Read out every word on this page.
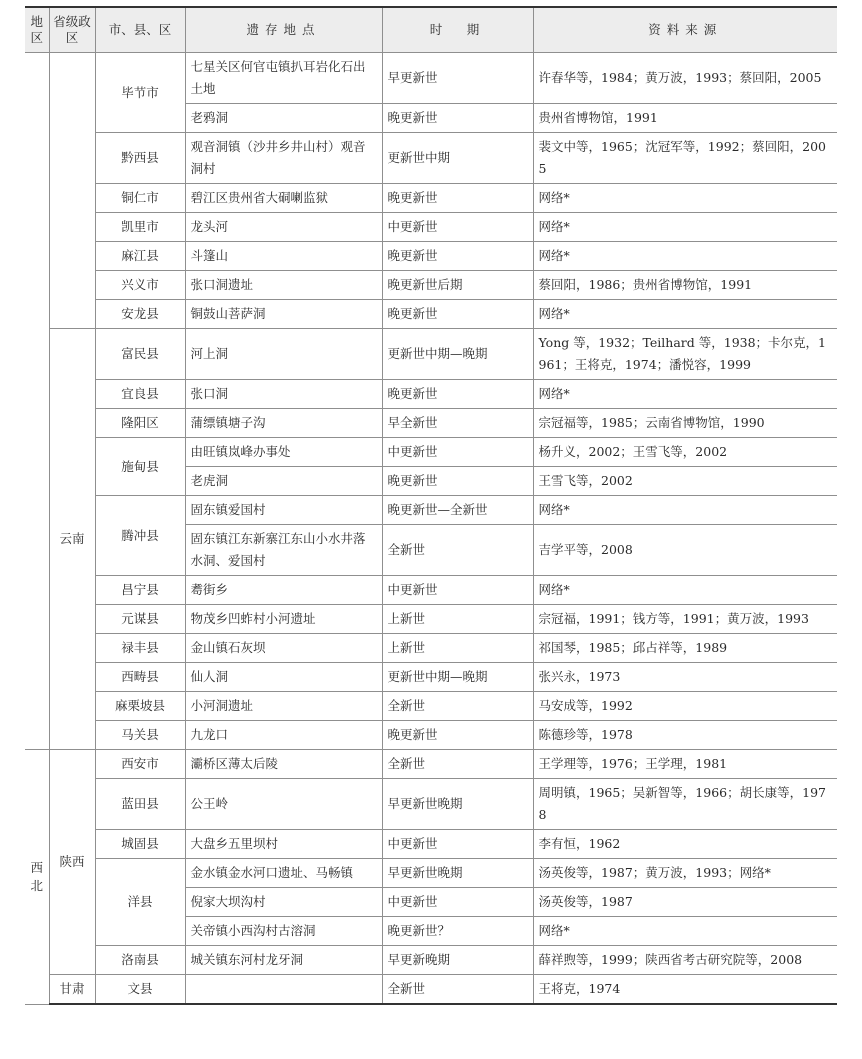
地区	省级政区	市、县、区	遗存地点	时　期	资料来源
		毕节市	七星关区何官屯镇扒耳岩化石出土地	早更新世	许春华等，1984；黄万波，1993；蔡回阳，2005
			老鸦洞	晚更新世	贵州省博物馆，1991
		黔西县	观音洞镇（沙井乡井山村）观音洞村	更新世中期	裴文中等，1965；沈冠军等，1992；蔡回阳，2005
		铜仁市	碧江区贵州省大硐喇监狱	晚更新世	网络*
		凯里市	龙头河	中更新世	网络*
		麻江县	斗篷山	晚更新世	网络*
		兴义市	张口洞遗址	晚更新世后期	蔡回阳，1986；贵州省博物馆，1991
		安龙县	铜鼓山菩萨洞	晚更新世	网络*
	云南	富民县	河上洞	更新世中期—晚期	Yong 等，1932；Teilhard 等，1938；卡尔克，1961；王将克，1974；潘悦容，1999
		宜良县	张口洞	晚更新世	网络*
		隆阳区	蒲缥镇塘子沟	早全新世	宗冠福等，1985；云南省博物馆，1990
		施甸县	由旺镇岚峰办事处	中更新世	杨升义，2002；王雪飞等，2002
			老虎洞	晚更新世	王雪飞等，2002
		腾冲县	固东镇爱国村	晚更新世—全新世	网络*
			固东镇江东新寨江东山小水井落水洞、爱国村	全新世	吉学平等，2008
		昌宁县	耈街乡	中更新世	网络*
		元谋县	物茂乡凹蚱村小河遗址	上新世	宗冠福，1991；钱方等，1991；黄万波，1993
		禄丰县	金山镇石灰坝	上新世	祁国琴，1985；邱占祥等，1989
		西畴县	仙人洞	更新世中期—晚期	张兴永，1973
		麻栗坡县	小河洞遗址	全新世	马安成等，1992
		马关县	九龙口	晚更新世	陈德珍等，1978
西北	陕西	西安市	灞桥区薄太后陵	全新世	王学理等，1976；王学理，1981
		蓝田县	公王岭	早更新世晚期	周明镇，1965；吴新智等，1966；胡长康等，1978
		城固县	大盘乡五里坝村	中更新世	李有恒，1962
		洋县	金水镇金水河口遗址、马畅镇	早更新世晚期	汤英俊等，1987；黄万波，1993；网络*
			倪家大坝沟村	中更新世	汤英俊等，1987
			关帝镇小西沟村古溶洞	晚更新世？	网络*
		洛南县	城关镇东河村龙牙洞	早更新晚期	薛祥煦等，1999；陕西省考古研究院等，2008
	甘肃	文县		全新世	王将克，1974
